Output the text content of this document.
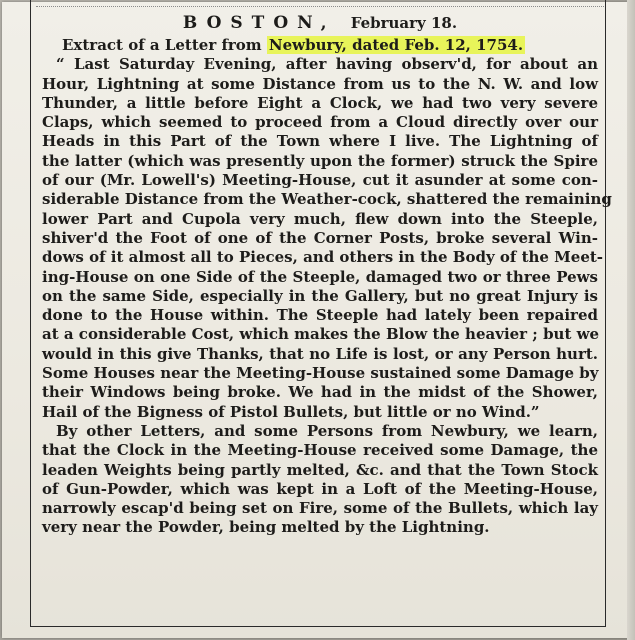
BOSTON, February 18.
Extract of a Letter from Newbury, dated Feb. 12, 1754.
“ Last Saturday Evening, after having observ'd, for about an
Hour, Lightning at some Distance from us to the N. W. and low
Thunder, a little before Eight a Clock, we had two very severe
Claps, which seemed to proceed from a Cloud directly over our
Heads in this Part of the Town where I live. The Lightning of
the latter (which was presently upon the former) struck the Spire
of our (Mr. Lowell's) Meeting-House, cut it asunder at some con-
siderable Distance from the Weather-cock, shattered the remaining
lower Part and Cupola very much, flew down into the Steeple,
shiver'd the Foot of one of the Corner Posts, broke several Win-
dows of it almost all to Pieces, and others in the Body of the Meet-
ing-House on one Side of the Steeple, damaged two or three Pews
on the same Side, especially in the Gallery, but no great Injury is
done to the House within. The Steeple had lately been repaired
at a considerable Cost, which makes the Blow the heavier ; but we
would in this give Thanks, that no Life is lost, or any Person hurt.
Some Houses near the Meeting-House sustained some Damage by
their Windows being broke. We had in the midst of the Shower,
Hail of the Bigness of Pistol Bullets, but little or no Wind.”
By other Letters, and some Persons from Newbury, we learn,
that the Clock in the Meeting-House received some Damage, the
leaden Weights being partly melted, &c. and that the Town Stock
of Gun-Powder, which was kept in a Loft of the Meeting-House,
narrowly escap'd being set on Fire, some of the Bullets, which lay
very near the Powder, being melted by the Lightning.
